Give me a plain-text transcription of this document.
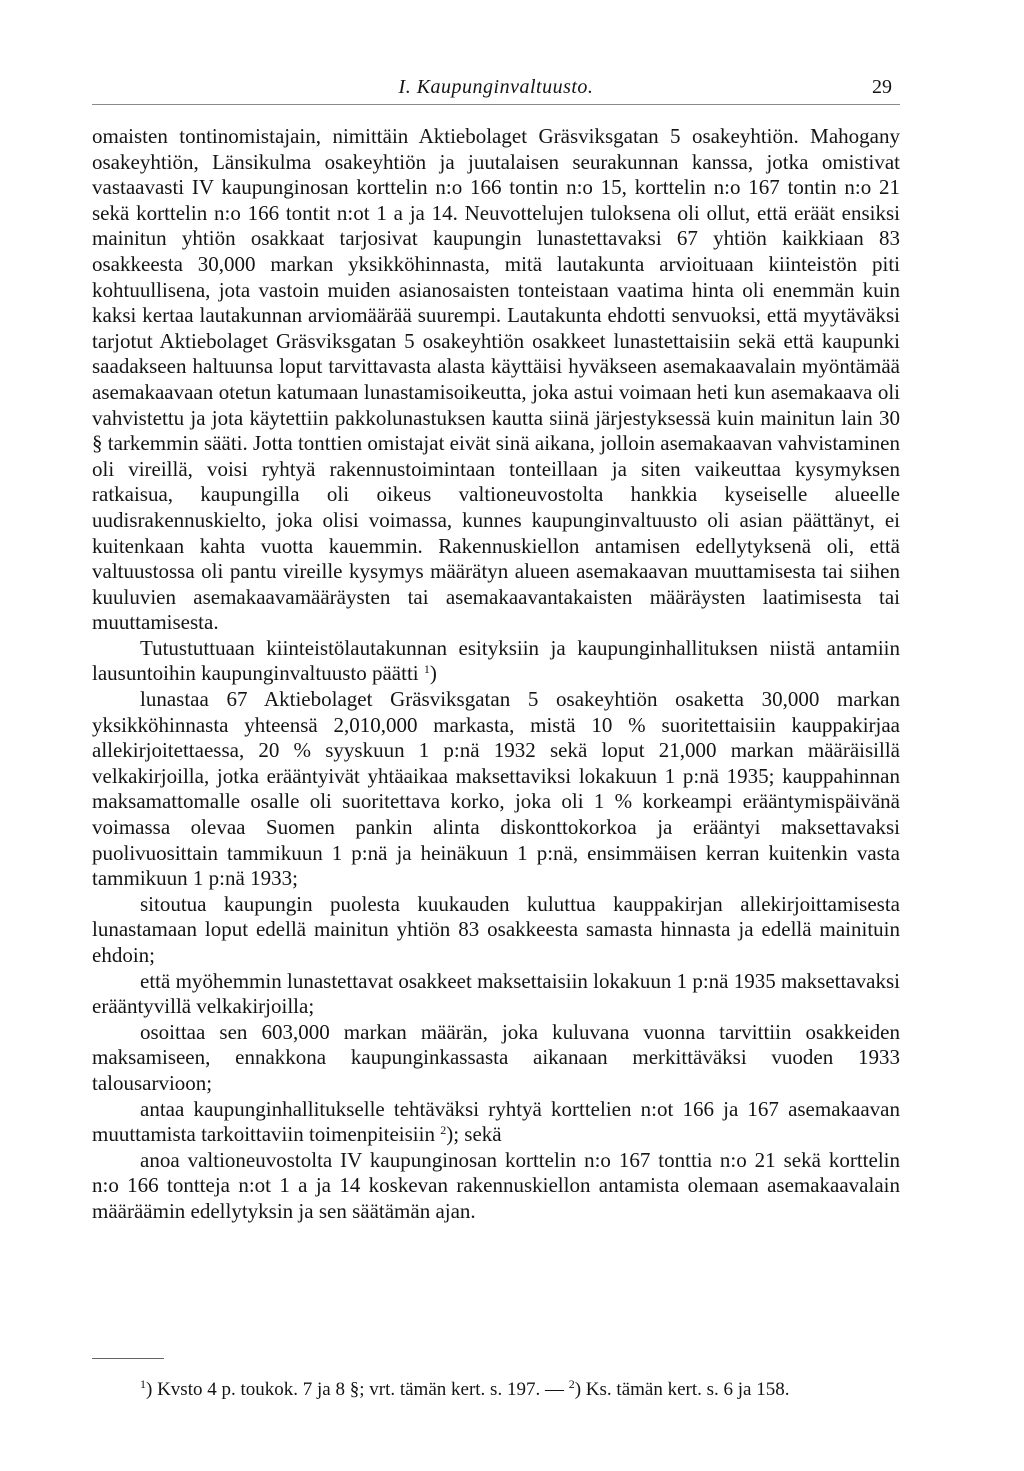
I. Kaupunginvaltuusto.	29

omaisten tontinomistajain, nimittäin Aktiebolaget Gräsviksgatan 5 osakeyhtiön. Mahogany osakeyhtiön, Länsikulma osakeyhtiön ja juutalaisen seurakunnan kanssa, jotka omistivat vastaavasti IV kaupunginosan korttelin n:o 166 tontin n:o 15, korttelin n:o 167 tontin n:o 21 sekä korttelin n:o 166 tontit n:ot 1 a ja 14. Neuvottelujen tuloksena oli ollut, että eräät ensiksi mainitun yhtiön osakkaat tarjosivat kaupungin lunastettavaksi 67 yhtiön kaikkiaan 83 osakkeesta 30,000 markan yksikköhinnasta, mitä lautakunta arvioituaan kiinteistön piti kohtuullisena, jota vastoin muiden asianosaisten tonteistaan vaatima hinta oli enemmän kuin kaksi kertaa lautakunnan arviomäärää suurempi. Lautakunta ehdotti senvuoksi, että myytäväksi tarjotut Aktiebolaget Gräsviksgatan 5 osakeyhtiön osakkeet lunastettaisiin sekä että kaupunki saadakseen haltuunsa loput tarvittavasta alasta käyttäisi hyväkseen asemakaavalain myöntämää asemakaavaan otetun katumaan lunastamisoikeutta, joka astui voimaan heti kun asemakaava oli vahvistettu ja jota käytettiin pakkolunastuksen kautta siinä järjestyksessä kuin mainitun lain 30 § tarkemmin sääti. Jotta tonttien omistajat eivät sinä aikana, jolloin asemakaavan vahvistaminen oli vireillä, voisi ryhtyä rakennustoimintaan tonteillaan ja siten vaikeuttaa kysymyksen ratkaisua, kaupungilla oli oikeus valtioneuvostolta hankkia kyseiselle alueelle uudisrakennuskielto, joka olisi voimassa, kunnes kaupunginvaltuusto oli asian päättänyt, ei kuitenkaan kahta vuotta kauemmin. Rakennuskiellon antamisen edellytyksenä oli, että valtuustossa oli pantu vireille kysymys määrätyn alueen asemakaavan muuttamisesta tai siihen kuuluvien asemakaavamääräysten tai asemakaavantakaisten määräysten laatimisesta tai muuttamisesta.

Tutustuttuaan kiinteistölautakunnan esityksiin ja kaupunginhallituksen niistä antamiin lausuntoihin kaupunginvaltuusto päätti $^1$)

lunastaa 67 Aktiebolaget Gräsviksgatan 5 osakeyhtiön osaketta 30,000 markan yksikköhinnasta yhteensä 2,010,000 markasta, mistä 10 % suoritettaisiin kauppakirjaa allekirjoitettaessa, 20 % syyskuun 1 p:nä 1932 sekä loput 21,000 markan määräisillä velkakirjoilla, jotka erääntyivät yhtäaikaa maksettaviksi lokakuun 1 p:nä 1935; kauppahinnan maksamattomalle osalle oli suoritettava korko, joka oli 1 % korkeampi erääntymispäivänä voimassa olevaa Suomen pankin alinta diskonttokorkoa ja erääntyi maksettavaksi puolivuosittain tammikuun 1 p:nä ja heinäkuun 1 p:nä, ensimmäisen kerran kuitenkin vasta tammikuun 1 p:nä 1933;

sitoutua kaupungin puolesta kuukauden kuluttua kauppakirjan allekirjoittamisesta lunastamaan loput edellä mainitun yhtiön 83 osakkeesta samasta hinnasta ja edellä mainituin ehdoin;

että myöhemmin lunastettavat osakkeet maksettaisiin lokakuun 1 p:nä 1935 maksettavaksi erääntyvillä velkakirjoilla;

osoittaa sen 603,000 markan määrän, joka kuluvana vuonna tarvittiin osakkeiden maksamiseen, ennakkona kaupunginkassasta aikanaan merkittäväksi vuoden 1933 talousarvioon;

antaa kaupunginhallitukselle tehtäväksi ryhtyä korttelien n:ot 166 ja 167 asemakaavan muuttamista tarkoittaviin toimenpiteisiin $^2$); sekä

anoa valtioneuvostolta IV kaupunginosan korttelin n:o 167 tonttia n:o 21 sekä korttelin n:o 166 tontteja n:ot 1 a ja 14 koskevan rakennuskiellon antamista olemaan asemakaavalain määräämin edellytyksin ja sen säätämän ajan.

$^1$) Kvsto 4 p. toukok. 7 ja 8 §; vrt. tämän kert. s. 197. — $^2$) Ks. tämän kert. s. 6 ja 158.
